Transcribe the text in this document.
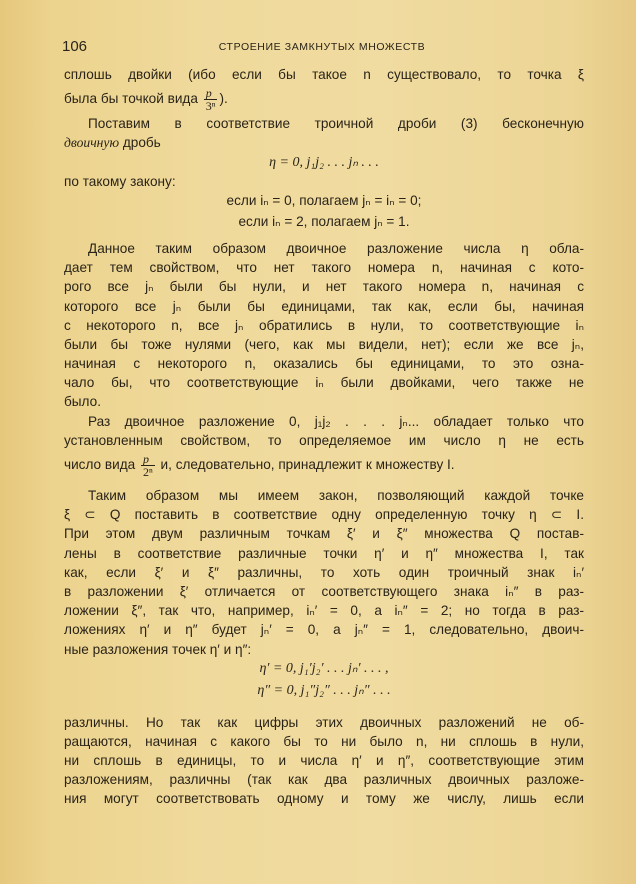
106	СТРОЕНИЕ ЗАМКНУТЫХ МНОЖЕСТВ
сплошь двойки (ибо если бы такое n существовало, то точка ξ
была бы точкой вида $\frac{p}{\text{3ⁿ}}$ ).
Поставим в соответствие троичной дроби (3) бесконечную
двоичную дробь
η = 0, j₁j₂ . . . jₙ . . .
по такому закону:
если iₙ = 0, полагаем jₙ = iₙ = 0;
если iₙ = 2, полагаем jₙ = 1.
Данное таким образом двоичное разложение числа η обла-
дает тем свойством, что нет такого номера n, начиная с кото-
рого все jₙ были бы нули, и нет такого номера n, начиная с
которого все jₙ были бы единицами, так как, если бы, начиная
с некоторого n, все jₙ обратились в нули, то соответствующие iₙ
были бы тоже нулями (чего, как мы видели, нет); если же все jₙ,
начиная с некоторого n, оказались бы единицами, то это озна-
чало бы, что соответствующие iₙ были двойками, чего также не
было.
Раз двоичное разложение 0, j₁j₂ . . . jₙ... обладает только что
установленным свойством, то определяемое им число η не есть
число вида $\frac{p}{\text{2ⁿ}} и$, следовательно, принадлежит к множеству I.
Таким образом мы имеем закон, позволяющий каждой точке
ξ ⊂ Q поставить в соответствие одну определенную точку η ⊂ I.
При этом двум различным точкам ξ′ и ξ″ множества Q постав-
лены в соответствие различные точки η′ и η″ множества I, так
как, если ξ′ и ξ″ различны, то хоть один троичный знак iₙ′
в разложении ξ′ отличается от соответствующего знака iₙ″ в раз-
ложении ξ″, так что, например, iₙ′ = 0, а iₙ″ = 2; но тогда в раз-
ложениях η′ и η″ будет jₙ′ = 0, а jₙ″ = 1, следовательно, двоич-
ные разложения точек η′ и η″:
η′ = 0, j₁′j₂′ . . . jₙ′ . . . ,
η″ = 0, j₁″j₂″ . . . jₙ″ . . .
различны. Но так как цифры этих двоичных разложений не об-
ращаются, начиная с какого бы то ни было n, ни сплошь в нули,
ни сплошь в единицы, то и числа η′ и η″, соответствующие этим
разложениям, различны (так как два различных двоичных разложе-
ния могут соответствовать одному и тому же числу, лишь если
